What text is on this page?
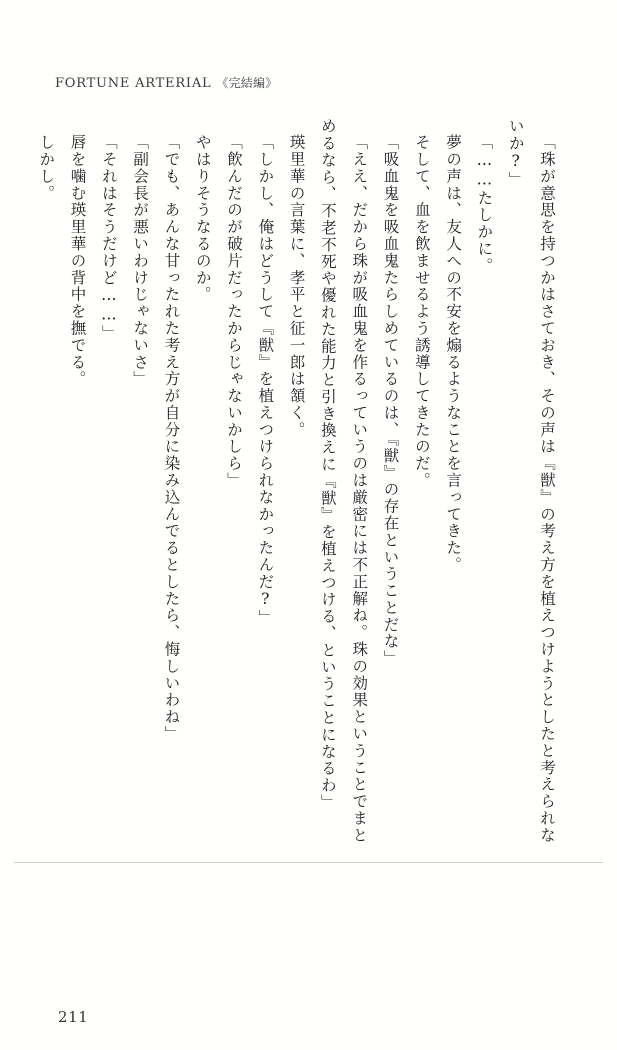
FORTUNE ARTERIAL 《完結編》

「珠が意思を持つかはさておき、その声は『獣』の考え方を植えつけようとしたと考えられないか?」

「……たしかに。

夢の声は、友人への不安を煽るようなことを言ってきた。

そして、血を飲ませるよう誘導してきたのだ。

「吸血鬼を吸血鬼たらしめているのは、『獣』の存在ということだな」

「ええ、だから珠が吸血鬼を作るっていうのは厳密には不正解ね。珠の効果ということでまとめるなら、不老不死や優れた能力と引き換えに『獣』を植えつける、ということになるわ」

瑛里華の言葉に、孝平と征一郎は頷く。

「しかし、俺はどうして『獣』を植えつけられなかったんだ?」

「飲んだのが破片だったからじゃないかしら」

やはりそうなるのか。

「でも、あんな甘ったれた考え方が自分に染み込んでるとしたら、悔しいわね」

「副会長が悪いわけじゃないさ」

「それはそうだけど……」

唇を噛む瑛里華の背中を撫でる。

しかし。

211
